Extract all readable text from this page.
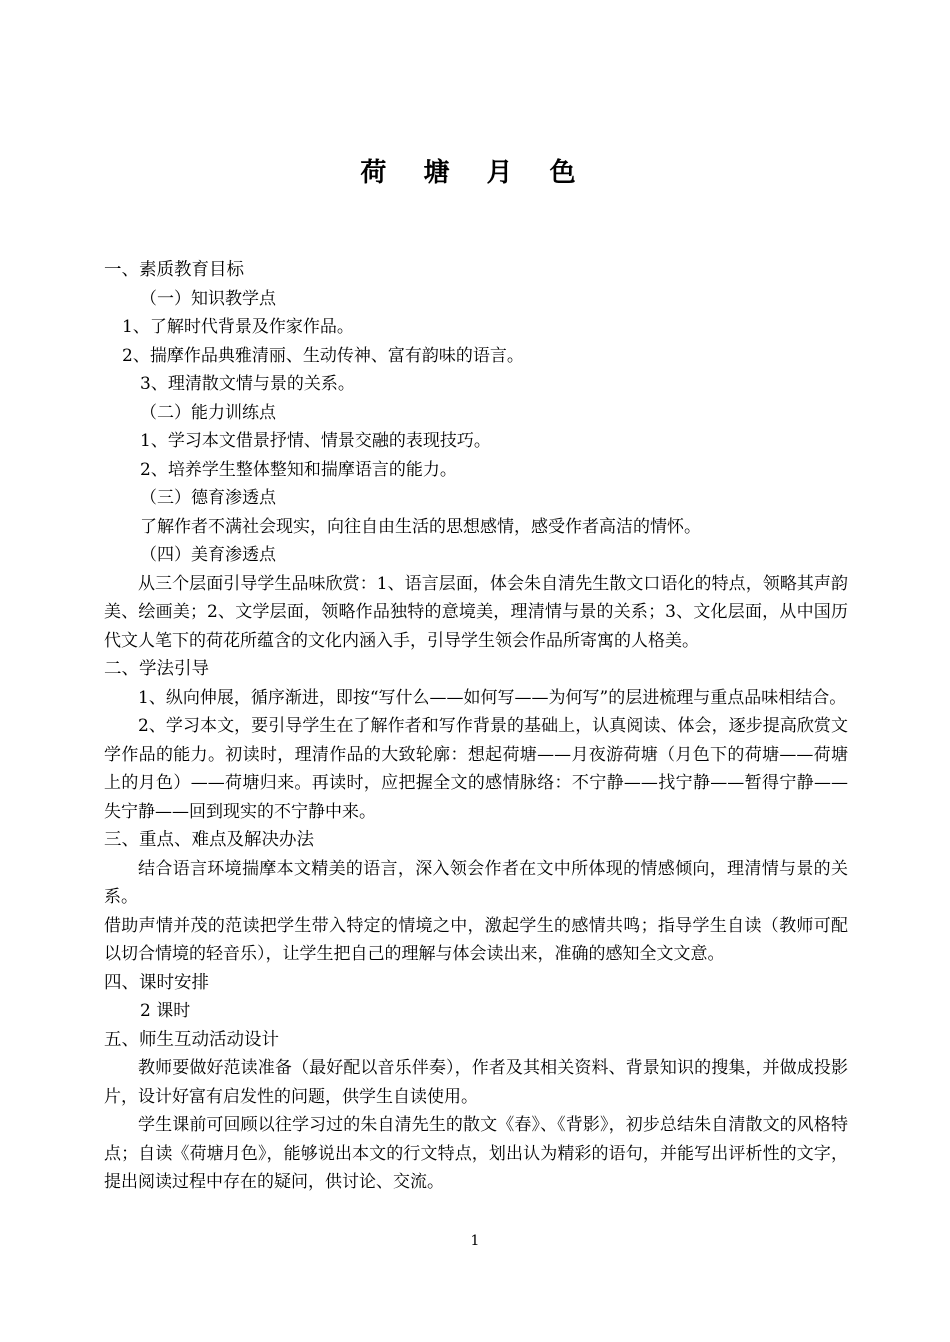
荷 塘 月 色
一、素质教育目标
（一）知识教学点
1、了解时代背景及作家作品。
2、揣摩作品典雅清丽、生动传神、富有韵味的语言。
3、理清散文情与景的关系。
（二）能力训练点
1、学习本文借景抒情、情景交融的表现技巧。
2、培养学生整体整知和揣摩语言的能力。
（三）德育渗透点
了解作者不满社会现实，向往自由生活的思想感情，感受作者高洁的情怀。
（四）美育渗透点
从三个层面引导学生品味欣赏：1、语言层面，体会朱自清先生散文口语化的特点，领略其声韵美、绘画美；2、文学层面，领略作品独特的意境美，理清情与景的关系；3、文化层面，从中国历代文人笔下的荷花所蕴含的文化内涵入手，引导学生领会作品所寄寓的人格美。
二、学法引导
1、纵向伸展，循序渐进，即按“写什么——如何写——为何写”的层进梳理与重点品味相结合。
2、学习本文，要引导学生在了解作者和写作背景的基础上，认真阅读、体会，逐步提高欣赏文学作品的能力。初读时，理清作品的大致轮廓：想起荷塘——月夜游荷塘（月色下的荷塘——荷塘上的月色）——荷塘归来。再读时，应把握全文的感情脉络：不宁静——找宁静——暂得宁静——失宁静——回到现实的不宁静中来。
三、重点、难点及解决办法
结合语言环境揣摩本文精美的语言，深入领会作者在文中所体现的情感倾向，理清情与景的关系。
借助声情并茂的范读把学生带入特定的情境之中，激起学生的感情共鸣；指导学生自读（教师可配以切合情境的轻音乐），让学生把自己的理解与体会读出来，准确的感知全文文意。
四、课时安排
2 课时
五、师生互动活动设计
教师要做好范读准备（最好配以音乐伴奏），作者及其相关资料、背景知识的搜集，并做成投影片，设计好富有启发性的问题，供学生自读使用。
学生课前可回顾以往学习过的朱自清先生的散文《春》、《背影》，初步总结朱自清散文的风格特点；自读《荷塘月色》，能够说出本文的行文特点，划出认为精彩的语句，并能写出评析性的文字，提出阅读过程中存在的疑问，供讨论、交流。
1
